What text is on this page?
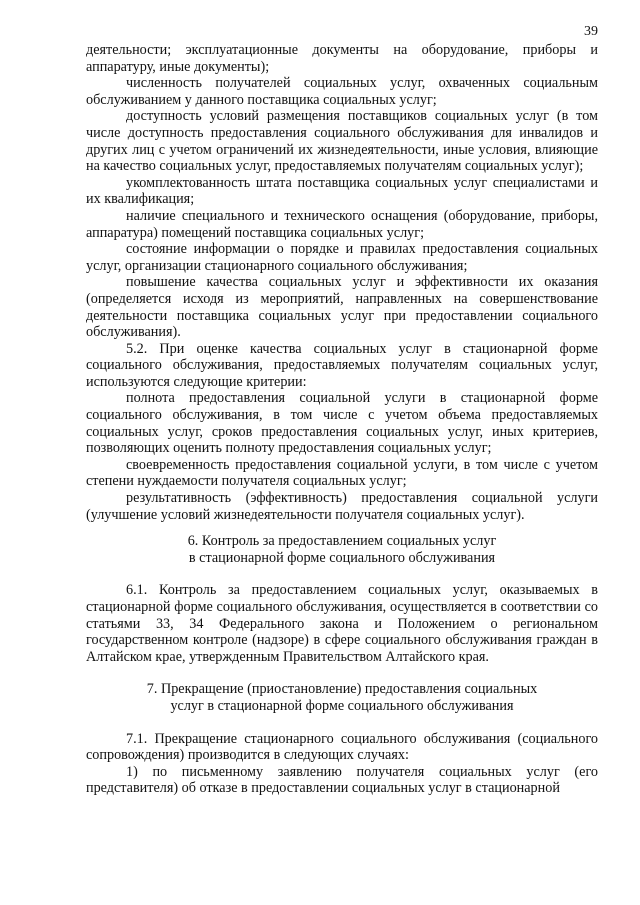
39

деятельности; эксплуатационные документы на оборудование, приборы и аппаратуру, иные документы);

численность получателей социальных услуг, охваченных социальным обслуживанием у данного поставщика социальных услуг;

доступность условий размещения поставщиков социальных услуг (в том числе доступность предоставления социального обслуживания для инвалидов и других лиц с учетом ограничений их жизнедеятельности, иные условия, влияющие на качество социальных услуг, предоставляемых получателям социальных услуг);

укомплектованность штата поставщика социальных услуг специалистами и их квалификация;

наличие специального и технического оснащения (оборудование, приборы, аппаратура) помещений поставщика социальных услуг;

состояние информации о порядке и правилах предоставления социальных услуг, организации стационарного социального обслуживания;

повышение качества социальных услуг и эффективности их оказания (определяется исходя из мероприятий, направленных на совершенствование деятельности поставщика социальных услуг при предоставлении социального обслуживания).

5.2. При оценке качества социальных услуг в стационарной форме социального обслуживания, предоставляемых получателям социальных услуг, используются следующие критерии:

полнота предоставления социальной услуги в стационарной форме социального обслуживания, в том числе с учетом объема предоставляемых социальных услуг, сроков предоставления социальных услуг, иных критериев, позволяющих оценить полноту предоставления социальных услуг;

своевременность предоставления социальной услуги, в том числе с учетом степени нуждаемости получателя социальных услуг;

результативность (эффективность) предоставления социальной услуги (улучшение условий жизнедеятельности получателя социальных услуг).

6. Контроль за предоставлением социальных услуг
в стационарной форме социального обслуживания

6.1. Контроль за предоставлением социальных услуг, оказываемых в стационарной форме социального обслуживания, осуществляется в соответствии со статьями 33, 34 Федерального закона и Положением о региональном государственном контроле (надзоре) в сфере социального обслуживания граждан в Алтайском крае, утвержденным Правительством Алтайского края.

7. Прекращение (приостановление) предоставления социальных
услуг в стационарной форме социального обслуживания

7.1. Прекращение стационарного социального обслуживания (социального сопровождения) производится в следующих случаях:

1) по письменному заявлению получателя социальных услуг (его представителя) об отказе в предоставлении социальных услуг в стационарной
